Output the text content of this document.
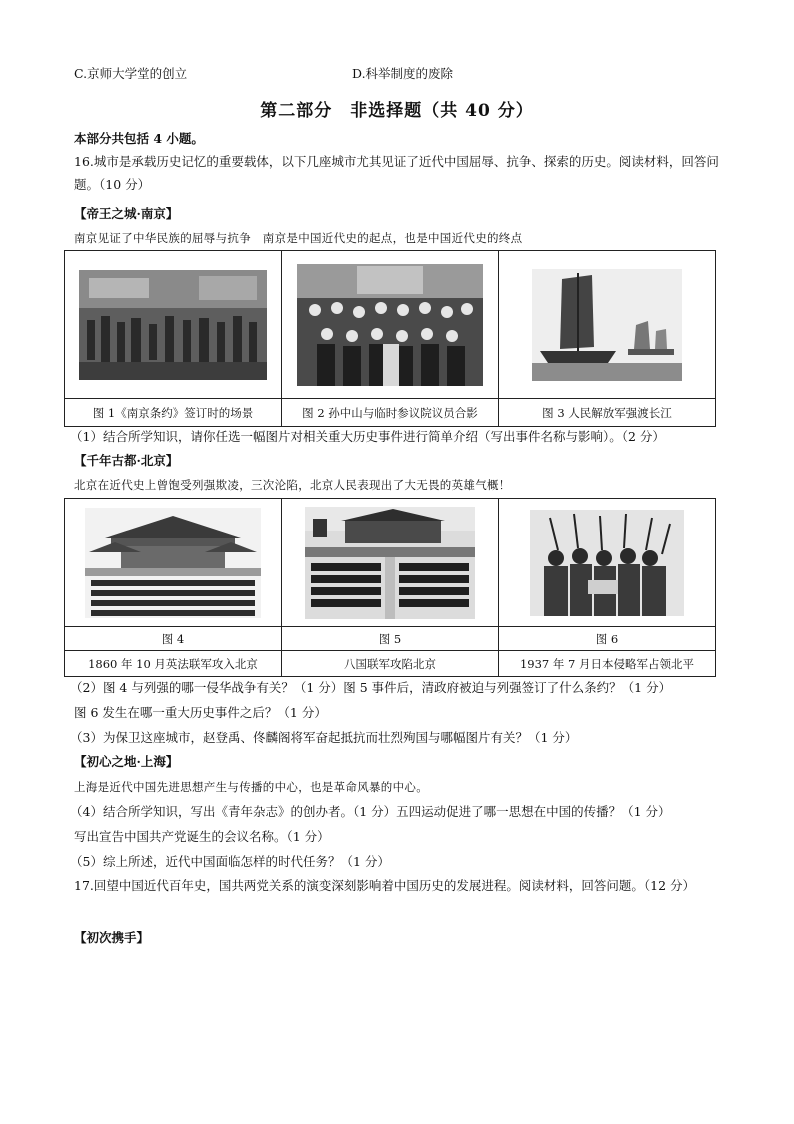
C.京师大学堂的创立	D.科举制度的废除
第二部分　非选择题（共 40 分）
本部分共包括 4 小题。
16.城市是承载历史记忆的重要载体，以下几座城市尤其见证了近代中国屈辱、抗争、探索的历史。阅读材料，回答问题。（10 分）
【帝王之城·南京】
南京见证了中华民族的屈辱与抗争　南京是中国近代史的起点，也是中国近代史的终点

图 1《南京条约》签订时的场景	图 2 孙中山与临时参议院议员合影	图 3 人民解放军强渡长江
（1）结合所学知识，请你任选一幅图片对相关重大历史事件进行简单介绍（写出事件名称与影响）。（2 分）
【千年古都·北京】
北京在近代史上曾饱受列强欺凌，三次沦陷，北京人民表现出了大无畏的英雄气概！

图 4	图 5	图 6
1860 年 10 月英法联军攻入北京	八国联军攻陷北京	1937 年 7 月日本侵略军占领北平
（2）图 4 与列强的哪一侵华战争有关？（1 分）图 5 事件后，清政府被迫与列强签订了什么条约？（1 分）
图 6 发生在哪一重大历史事件之后？（1 分）
（3）为保卫这座城市，赵登禹、佟麟阁将军奋起抵抗而壮烈殉国与哪幅图片有关？（1 分）
【初心之地·上海】
上海是近代中国先进思想产生与传播的中心，也是革命风暴的中心。
（4）结合所学知识，写出《青年杂志》的创办者。（1 分）五四运动促进了哪一思想在中国的传播？（1 分）
写出宣告中国共产党诞生的会议名称。（1 分）
（5）综上所述，近代中国面临怎样的时代任务？（1 分）
17.回望中国近代百年史，国共两党关系的演变深刻影响着中国历史的发展进程。阅读材料，回答问题。（12 分）
【初次携手】
